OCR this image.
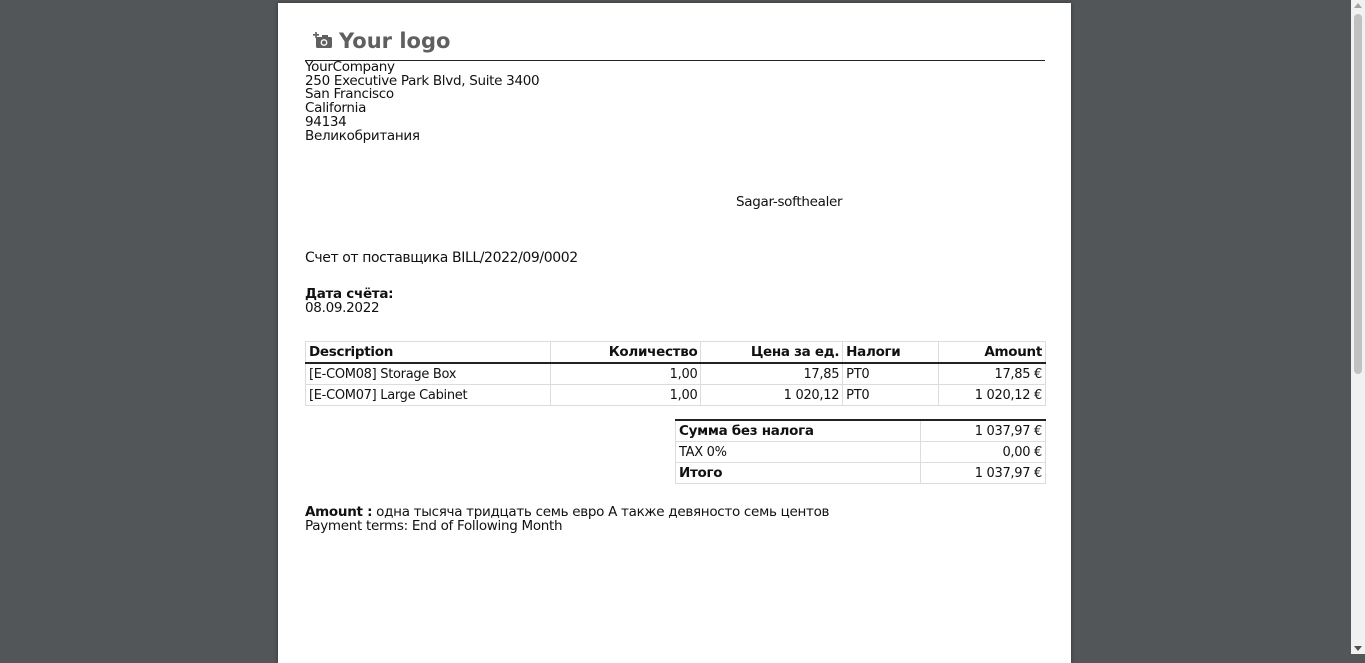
Your logo
YourCompany
250 Executive Park Blvd, Suite 3400
San Francisco
California
94134
Великобритания
Sagar-softhealer
Счет от поставщика BILL/2022/09/0002
Дата счёта:
08.09.2022
Description	Количество	Цена за ед.	Налоги	Amount
[E-COM08] Storage Box	1,00	17,85	PT0	17,85 €
[E-COM07] Large Cabinet	1,00	1 020,12	PT0	1 020,12 €
Сумма без налога	1 037,97 €
TAX 0%	0,00 €
Итого	1 037,97 €
Amount : одна тысяча тридцать семь евро А также девяносто семь центов
Payment terms: End of Following Month
